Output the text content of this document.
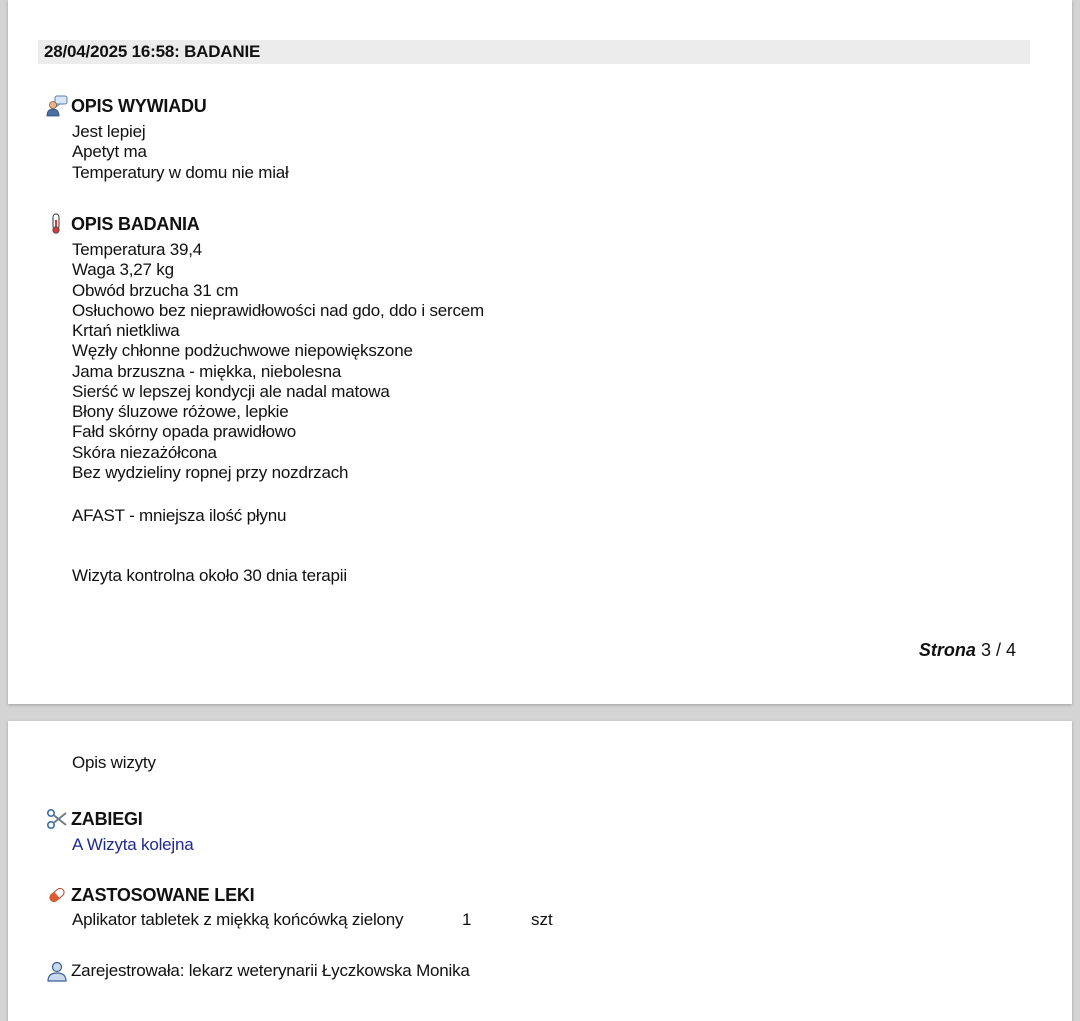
28/04/2025 16:58: BADANIE
OPIS WYWIADU
Jest lepiej
Apetyt ma
Temperatury w domu nie miał
OPIS BADANIA
Temperatura 39,4
Waga 3,27 kg
Obwód brzucha 31 cm
Osłuchowo bez nieprawidłowości nad gdo, ddo i sercem
Krtań nietkliwa
Węzły chłonne podżuchwowe niepowiększone
Jama brzuszna - miękka, niebolesna
Sierść w lepszej kondycji ale nadal matowa
Błony śluzowe różowe, lepkie
Fałd skórny opada prawidłowo
Skóra niezażółcona
Bez wydzieliny ropnej przy nozdrzach
AFAST - mniejsza ilość płynu
Wizyta kontrolna około 30 dnia terapii
Strona 3 / 4
Opis wizyty
ZABIEGI
A Wizyta kolejna
ZASTOSOWANE LEKI
Aplikator tabletek z miękką końcówką zielony	1	szt
Zarejestrowała: lekarz weterynarii Łyczkowska Monika
